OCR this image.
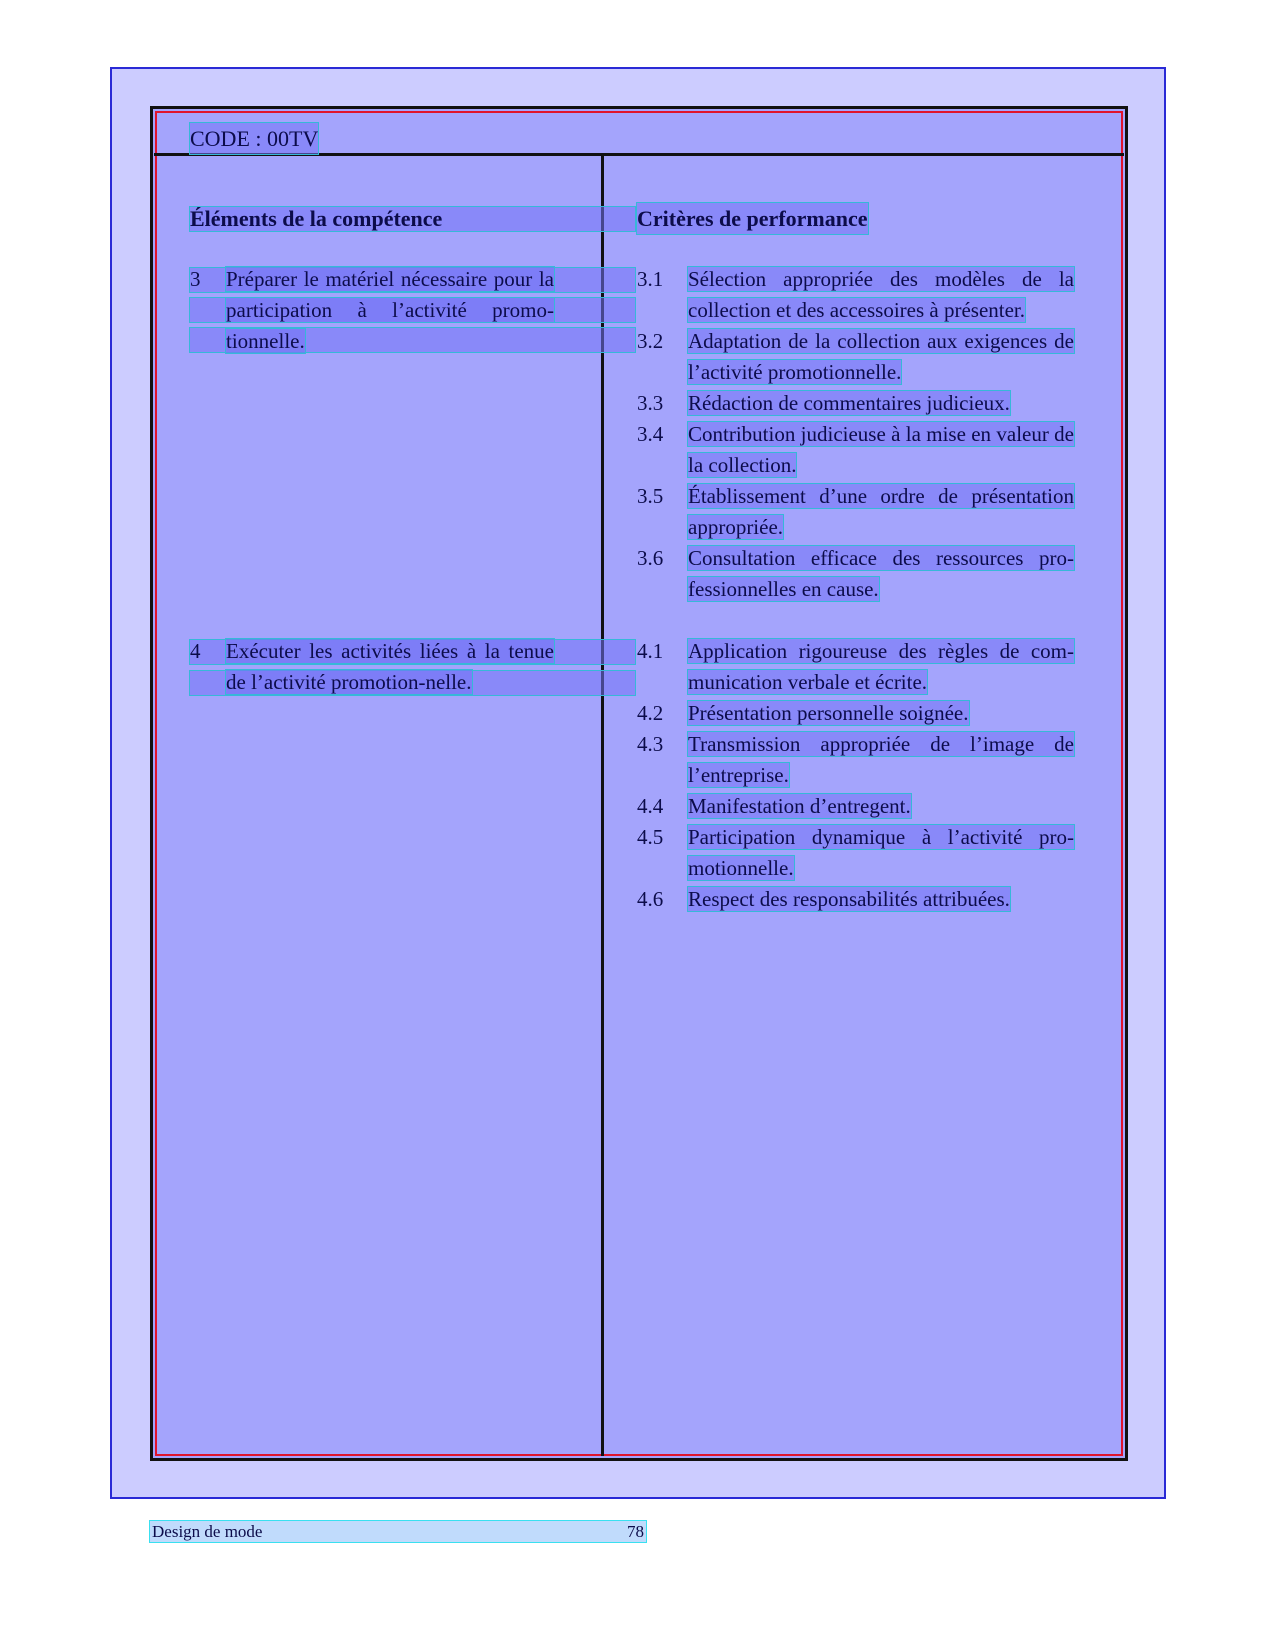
CODE : 00TV
Éléments de la compétence	Critères de performance
3 Préparer le matériel nécessaire pour la participation à l’activité promo-tionnelle.
3.1 Sélection appropriée des modèles de la collection et des accessoires à présenter.
3.2 Adaptation de la collection aux exigences de l’activité promotionnelle.
3.3 Rédaction de commentaires judicieux.
3.4 Contribution judicieuse à la mise en valeur de la collection.
3.5 Établissement d’une ordre de présentation appropriée.
3.6 Consultation efficace des ressources pro-fessionnelles en cause.
4 Exécuter les activités liées à la tenue de l’activité promotion-nelle.
4.1 Application rigoureuse des règles de com-munication verbale et écrite.
4.2 Présentation personnelle soignée.
4.3 Transmission appropriée de l’image de l’entreprise.
4.4 Manifestation d’entregent.
4.5 Participation dynamique à l’activité pro-motionnelle.
4.6 Respect des responsabilités attribuées.
Design de mode	78
